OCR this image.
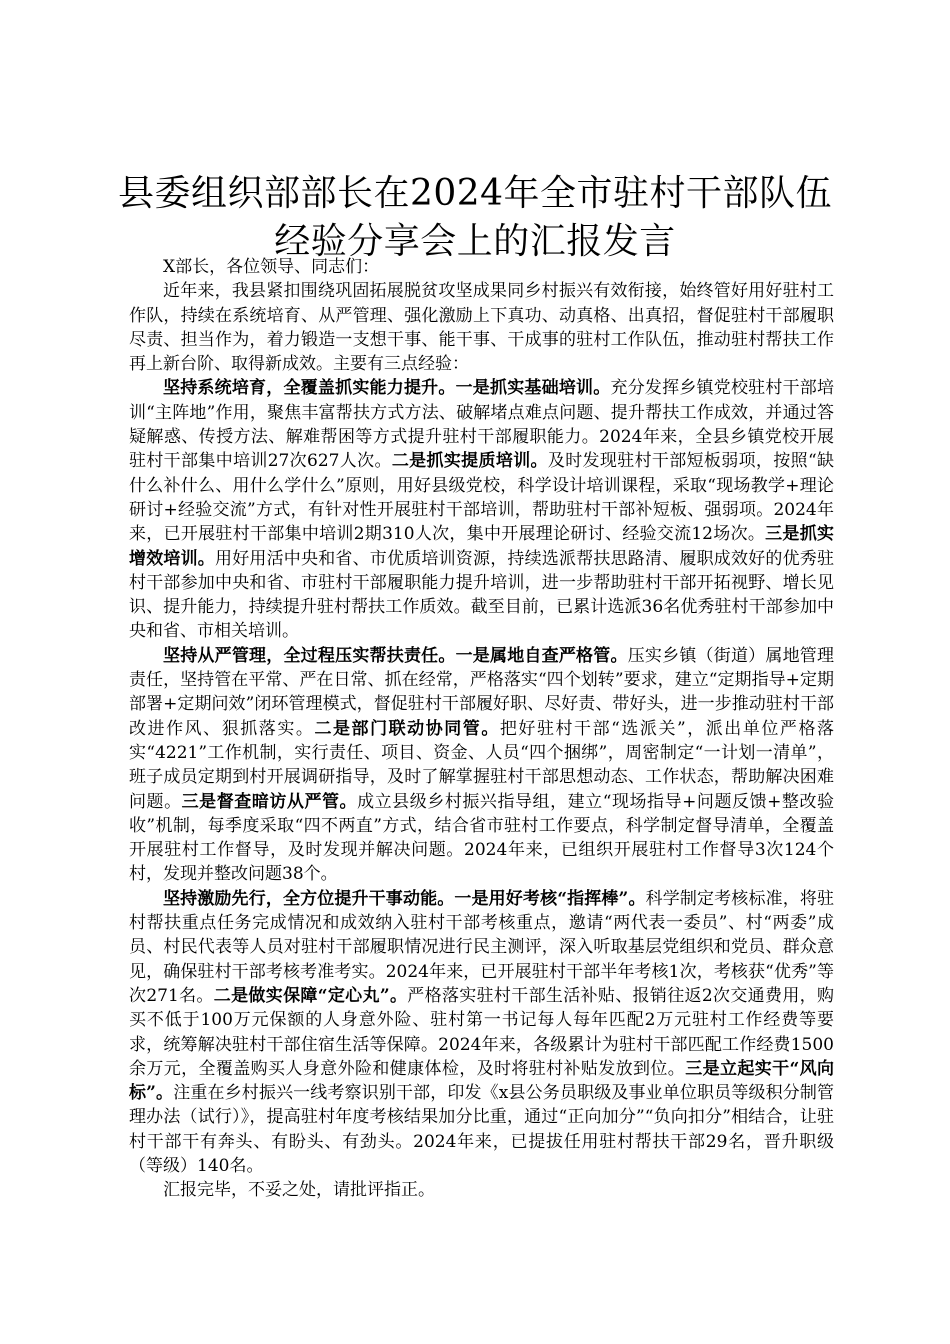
县委组织部部长在2024年全市驻村干部队伍
经验分享会上的汇报发言

X部长，各位领导、同志们：

近年来，我县紧扣围绕巩固拓展脱贫攻坚成果同乡村振兴有效衔接，始终管好用好驻村工作队，持续在系统培育、从严管理、强化激励上下真功、动真格、出真招，督促驻村干部履职尽责、担当作为，着力锻造一支想干事、能干事、干成事的驻村工作队伍，推动驻村帮扶工作再上新台阶、取得新成效。主要有三点经验：

坚持系统培育，全覆盖抓实能力提升。一是抓实基础培训。充分发挥乡镇党校驻村干部培训“主阵地”作用，聚焦丰富帮扶方式方法、破解堵点难点问题、提升帮扶工作成效，并通过答疑解惑、传授方法、解难帮困等方式提升驻村干部履职能力。2024年来，全县乡镇党校开展驻村干部集中培训27次627人次。二是抓实提质培训。及时发现驻村干部短板弱项，按照“缺什么补什么、用什么学什么”原则，用好县级党校，科学设计培训课程，采取“现场教学+理论研讨+经验交流”方式，有针对性开展驻村干部培训，帮助驻村干部补短板、强弱项。2024年来，已开展驻村干部集中培训2期310人次，集中开展理论研讨、经验交流12场次。三是抓实增效培训。用好用活中央和省、市优质培训资源，持续选派帮扶思路清、履职成效好的优秀驻村干部参加中央和省、市驻村干部履职能力提升培训，进一步帮助驻村干部开拓视野、增长见识、提升能力，持续提升驻村帮扶工作质效。截至目前，已累计选派36名优秀驻村干部参加中央和省、市相关培训。

坚持从严管理，全过程压实帮扶责任。一是属地自查严格管。压实乡镇（街道）属地管理责任，坚持管在平常、严在日常、抓在经常，严格落实“四个划转”要求，建立“定期指导+定期部署+定期问效”闭环管理模式，督促驻村干部履好职、尽好责、带好头，进一步推动驻村干部改进作风、狠抓落实。二是部门联动协同管。把好驻村干部“选派关”，派出单位严格落实“4221”工作机制，实行责任、项目、资金、人员“四个捆绑”，周密制定“一计划一清单”，班子成员定期到村开展调研指导，及时了解掌握驻村干部思想动态、工作状态，帮助解决困难问题。三是督查暗访从严管。成立县级乡村振兴指导组，建立“现场指导+问题反馈+整改验收”机制，每季度采取“四不两直”方式，结合省市驻村工作要点，科学制定督导清单，全覆盖开展驻村工作督导，及时发现并解决问题。2024年来，已组织开展驻村工作督导3次124个村，发现并整改问题38个。

坚持激励先行，全方位提升干事动能。一是用好考核“指挥棒”。科学制定考核标准，将驻村帮扶重点任务完成情况和成效纳入驻村干部考核重点，邀请“两代表一委员”、村“两委”成员、村民代表等人员对驻村干部履职情况进行民主测评，深入听取基层党组织和党员、群众意见，确保驻村干部考核考准考实。2024年来，已开展驻村干部半年考核1次，考核获“优秀”等次271名。二是做实保障“定心丸”。严格落实驻村干部生活补贴、报销往返2次交通费用，购买不低于100万元保额的人身意外险、驻村第一书记每人每年匹配2万元驻村工作经费等要求，统筹解决驻村干部住宿生活等保障。2024年来，各级累计为驻村干部匹配工作经费1500余万元，全覆盖购买人身意外险和健康体检，及时将驻村补贴发放到位。三是立起实干“风向标”。注重在乡村振兴一线考察识别干部，印发《x县公务员职级及事业单位职员等级积分制管理办法（试行）》，提高驻村年度考核结果加分比重，通过“正向加分”“负向扣分”相结合，让驻村干部干有奔头、有盼头、有劲头。2024年来，已提拔任用驻村帮扶干部29名，晋升职级（等级）140名。

汇报完毕，不妥之处，请批评指正。
